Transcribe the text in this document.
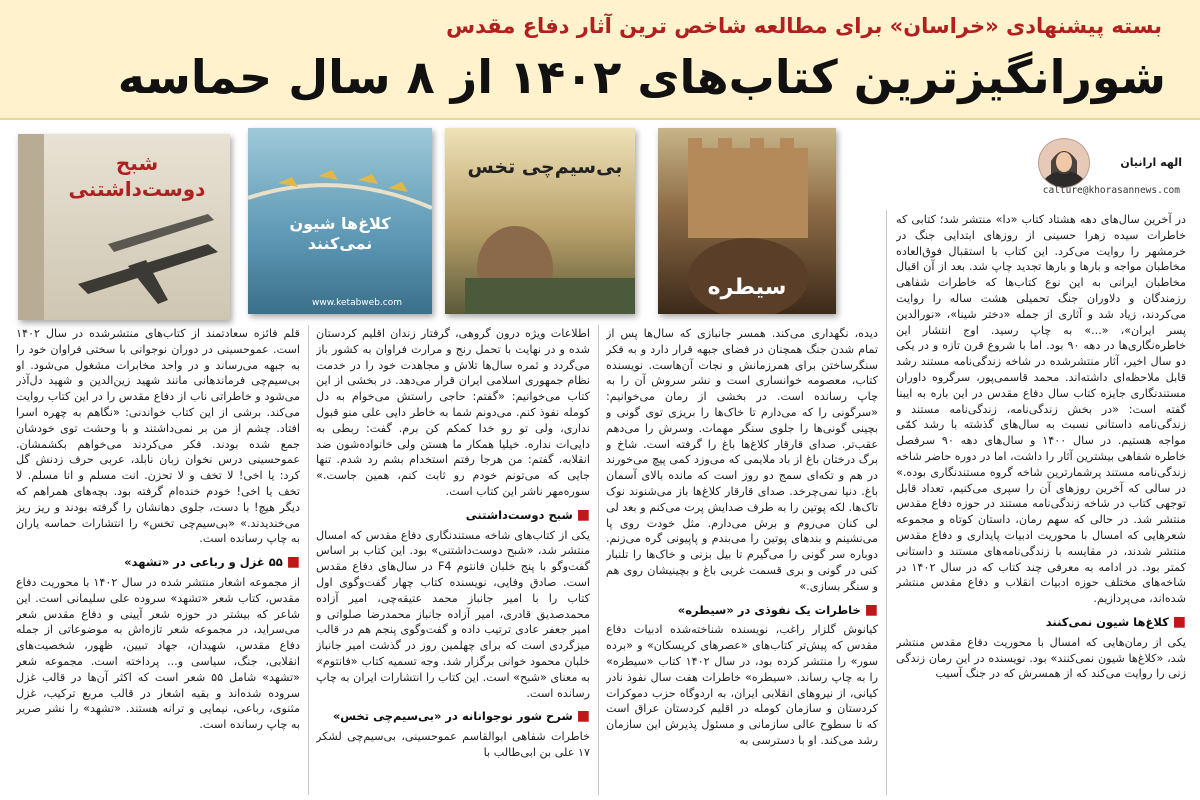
بسته پیشنهادی «خراسان» برای مطالعه شاخص ترین آثار دفاع مقدس
شورانگیزترین کتاب‌های ۱۴۰۲ از ۸ سال حماسه
سیطره
بی‌سیم‌چی تخس
کلاغ‌ها شیون نمی‌کنند
www.ketabweb.com
شبح دوست‌داشتنی
الهه ارانیان
calture@khorasannews.com

در آخرین سال‌های دهه هشتاد کتاب «دا» منتشر شد؛ کتابی که خاطرات سیده زهرا حسینی از روزهای ابتدایی جنگ در خرمشهر را روایت می‌کرد. این کتاب با استقبال فوق‌العاده مخاطبان مواجه و بارها و بارها تجدید چاپ شد. بعد از آن اقبال مخاطبان ایرانی به این نوع کتاب‌ها که خاطرات شفاهی رزمندگان و دلاوران جنگ تحمیلی هشت ساله را روایت می‌کردند، زیاد شد و آثاری از جمله «دختر شینا»، «نورالدین پسر ایران»، «...» به چاپ رسید. اوج انتشار این خاطره‌نگاری‌ها در دهه ۹۰ بود. اما با شروع قرن تازه و در یکی دو سال اخیر، آثار منتشرشده در شاخه زندگی‌نامه مستند رشد قابل ملاحظه‌ای داشته‌اند. محمد قاسمی‌پور، سرگروه داوران مستندنگاری جایزه کتاب سال دفاع مقدس در این باره به ایبنا گفته است: «در بخش زندگی‌نامه، زندگی‌نامه مستند و زندگی‌نامه داستانی نسبت به سال‌های گذشته با رشد کمّی مواجه هستیم. در سال ۱۴۰۰ و سال‌های دهه ۹۰ سرفصل خاطره شفاهی بیشترین آثار را داشت، اما در دوره حاضر شاخه زندگی‌نامه مستند پرشمارترین شاخه گروه مستندنگاری بوده.» در سالی که آخرین روزهای آن را سپری می‌کنیم، تعداد قابل توجهی کتاب در شاخه زندگی‌نامه مستند در حوزه دفاع مقدس منتشر شد. در حالی که سهم رمان، داستان کوتاه و مجموعه شعرهایی که امسال با محوریت ادبیات پایداری و دفاع مقدس منتشر شدند، در مقایسه با زندگی‌نامه‌های مستند و داستانی کمتر بود. در ادامه به معرفی چند کتاب که در سال ۱۴۰۲ در شاخه‌های مختلف حوزه ادبیات انقلاب و دفاع مقدس منتشر شده‌اند، می‌پردازیم.

■کلاغ‌ها شیون نمی‌کنند

یکی از رمان‌هایی که امسال با محوریت دفاع مقدس منتشر شد، «کلاغ‌ها شیون نمی‌کنند» بود. نویسنده در این رمان زندگی زنی را روایت می‌کند که از همسرش که در جنگ آسیب

دیده، نگهداری می‌کند. همسر جانبازی که سال‌ها پس از تمام شدن جنگ همچنان در فضای جبهه قرار دارد و به فکر سنگرساختن برای همرزمانش و نجات آن‌هاست. نویسنده کتاب، معصومه خوانساری است و نشر سروش آن را به چاپ رسانده است. در بخشی از رمان می‌خوانیم: «سرگونی را که می‌دارم تا خاک‌ها را بریزی توی گونی و بچینی گونی‌ها را جلوی سنگر مهمات. وسرش را می‌دهم عقب‌تر. صدای قارقار کلاغ‌ها باغ را گرفته است. شاخ و برگ درختان باغ از باد ملایمی که می‌وزد کمی پیچ می‌خورند در هم و تکه‌ای سمج دو روز است که مانده بالای آسمان باغ. دنیا نمی‌چرخد. صدای قارقار کلاغ‌ها باز می‌شنوند نوک تاک‌ها. لکه پوتین را به طرف صدایش پرت می‌کنم و بعد لی لی کنان می‌روم و برش می‌دارم. مثل خودت روی پا می‌نشینم و بندهای پوتین را می‌بندم و پاپیونی گره می‌زنم. دوباره سر گونی را می‌گیرم تا بیل بزنی و خاک‌ها را تلنبار کنی در گونی و بری قسمت غربی باغ و بچینیشان روی هم و سنگر بسازی.»

■خاطرات یک نفوذی در «سیطره»

کیانوش گلزار راغب، نویسنده شناخته‌شده ادبیات دفاع مقدس که پیش‌تر کتاب‌های «عصرهای کریسکان» و «برده سور» را منتشر کرده بود، در سال ۱۴۰۲ کتاب «سیطره» را به چاپ رساند. «سیطره» خاطرات هفت سال نفوذ نادر کیانی، از نیروهای انقلابی ایران، به اردوگاه حزب دموکرات کردستان و سازمان کومله در اقلیم کردستان عراق است که تا سطوح عالی سازمانی و مسئول پذیرش این سازمان رشد می‌کند. او با دسترسی به

اطلاعات ویژه درون گروهی، گرفتار زندان اقلیم کردستان شده و در نهایت با تحمل رنج و مرارت فراوان به کشور باز می‌گردد و ثمره سال‌ها تلاش و مجاهدت خود را در خدمت نظام جمهوری اسلامی ایران قرار می‌دهد. در بخشی از این کتاب می‌خوانیم: «گفتم: حاجی راستش می‌خوام به دل کومله نفوذ کنم. می‌دونم شما به خاطر دایی علی منو قبول نداری، ولی تو رو خدا کمکم کن برم. گفت: ربطی به دایی‌ات نداره. خیلیا همکار ما هستن ولی خانواده‌شون ضد انقلابه. گفتم: من هرجا رفتم استخدام بشم رد شدم. تنها جایی که می‌تونم خودم رو ثابت کنم، همین جاست.» سوره‌مهر ناشر این کتاب است.

■شبح دوست‌داشتنی

یکی از کتاب‌های شاخه مستندنگاری دفاع مقدس که امسال منتشر شد، «شبح دوست‌داشتنی» بود. این کتاب بر اساس گفت‌وگو با پنج خلبان فانتوم F4 در سال‌های دفاع مقدس است. صادق وفایی، نویسنده کتاب چهار گفت‌وگوی اول کتاب را با امیر جانباز محمد عتیقه‌چی، امیر آزاده محمدصدیق قادری، امیر آزاده جانباز محمدرضا صلواتی و امیر جعفر عادی ترتیب داده و گفت‌وگوی پنجم هم در قالب میزگردی است که برای چهلمین روز در گذشت امیر جانباز خلبان محمود خوانی برگزار شد. وجه تسمیه کتاب «فانتوم» به معنای «شبح» است. این کتاب را انتشارات ایران به چاپ رسانده است.

■شرح شور نوجوانانه در «بی‌سیم‌چی تخس»

خاطرات شفاهی ابوالقاسم عموحسینی، بی‌سیم‌چی لشکر ۱۷ علی بن ابی‌طالب با

قلم فائزه سعادتمند از کتاب‌های منتشرشده در سال ۱۴۰۲ است. عموحسینی در دوران نوجوانی با سختی فراوان خود را به جبهه می‌رساند و در واحد مخابرات مشغول می‌شود. او بی‌سیم‌چی فرماندهانی مانند شهید زین‌الدین و شهید دل‌آذر می‌شود و خاطراتی ناب از دفاع مقدس را در این کتاب روایت می‌کند. برشی از این کتاب خواندنی: «نگاهم به چهره اسرا افتاد. چشم از من بر نمی‌داشتند و با وحشت توی خودشان جمع شده بودند. فکر می‌کردند می‌خواهم بکشمشان. عموحسینی درس نخوان زبان نابلد، عربی حرف زدنش گل کرد: یا اخی! لا تخف و لا تحزن. انت مسلم و انا مسلم. لا تخف یا اخی! خودم خنده‌ام گرفته بود. بچه‌های همراهم که دیگر هیچ! با دست، جلوی دهانشان را گرفته بودند و ریز ریز می‌خندیدند.» «بی‌سیم‌چی تخس» را انتشارات حماسه یاران به چاپ رسانده است.

■۵۵ غزل و رباعی در «تشهد»

از مجموعه اشعار منتشر شده در سال ۱۴۰۲ با محوریت دفاع مقدس، کتاب شعر «تشهد» سروده علی سلیمانی است. این شاعر که بیشتر در حوزه شعر آیینی و دفاع مقدس شعر می‌سراید، در مجموعه شعر تازه‌اش به موضوعاتی از جمله دفاع مقدس، شهیدان، جهاد تبیین، ظهور، شخصیت‌های انقلابی، جنگ، سیاسی و... پرداخته است. مجموعه شعر «تشهد» شامل ۵۵ شعر است که اکثر آن‌ها در قالب غزل سروده شده‌اند و بقیه اشعار در قالب مربع ترکیب، غزل مثنوی، رباعی، نیمایی و ترانه هستند. «تشهد» را نشر صریر به چاپ رسانده است.
